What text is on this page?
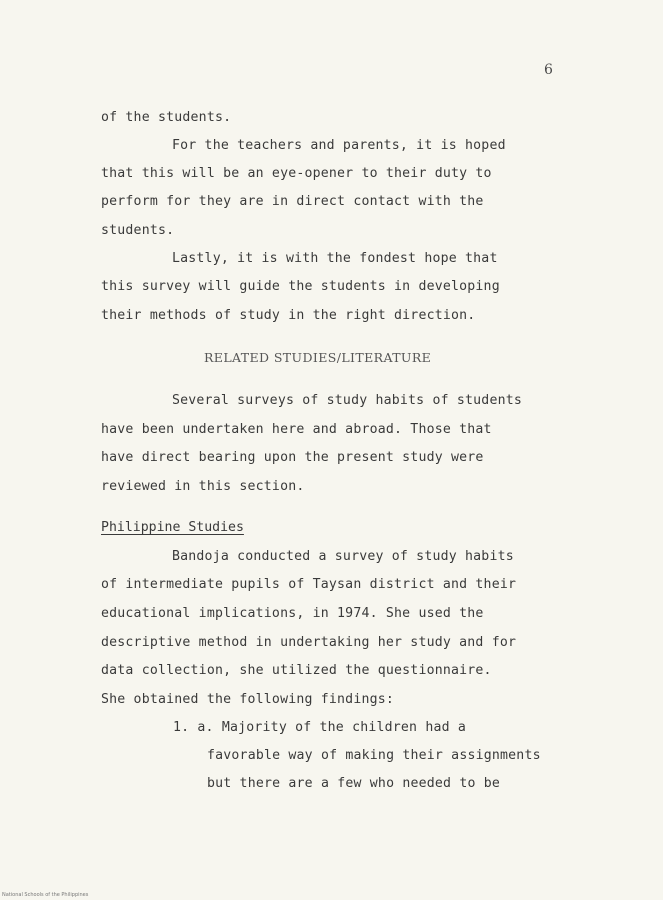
6
of the students.
For the teachers and parents, it is hoped
that this will be an eye-opener to their duty to
perform for they are in direct contact with the
students.
Lastly, it is with the fondest hope that
this survey will guide the students in developing
their methods of study in the right direction.
RELATED STUDIES/LITERATURE
Several surveys of study habits of students
have been undertaken here and abroad. Those that
have direct bearing upon the present study were
reviewed in this section.
Philippine Studies
Bandoja conducted a survey of study habits
of intermediate pupils of Taysan district and their
educational implications, in 1974. She used the
descriptive method in undertaking her study and for
data collection, she utilized the questionnaire.
She obtained the following findings:
1. a. Majority of the children had a
favorable way of making their assignments
but there are a few who needed to be
National Schools of the Philippines
